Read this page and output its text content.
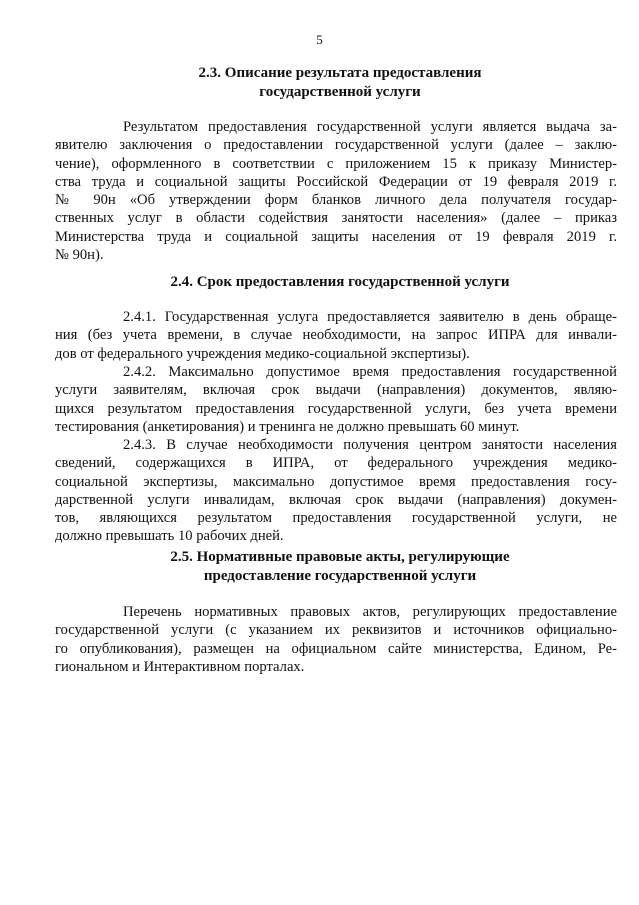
5

2.3. Описание результата предоставления
государственной услуги
Результатом предоставления государственной услуги является выдача за-
явителю заключения о предоставлении государственной услуги (далее – заклю-
чение), оформленного в соответствии с приложением 15 к приказу Министер-
ства труда и социальной защиты Российской Федерации от 19 февраля 2019 г.
№ 90н «Об утверждении форм бланков личного дела получателя государ-
ственных услуг в области содействия занятости населения» (далее – приказ
Министерства труда и социальной защиты населения от 19 февраля 2019 г.
№ 90н).
2.4. Срок предоставления государственной услуги
2.4.1. Государственная услуга предоставляется заявителю в день обраще-
ния (без учета времени, в случае необходимости, на запрос ИПРА для инвали-
дов от федерального учреждения медико-социальной экспертизы).
2.4.2. Максимально допустимое время предоставления государственной
услуги заявителям, включая срок выдачи (направления) документов, являю-
щихся результатом предоставления государственной услуги, без учета времени
тестирования (анкетирования) и тренинга не должно превышать 60 минут.
2.4.3. В случае необходимости получения центром занятости населения
сведений, содержащихся в ИПРА, от федерального учреждения медико-
социальной экспертизы, максимально допустимое время предоставления госу-
дарственной услуги инвалидам, включая срок выдачи (направления) докумен-
тов, являющихся результатом предоставления государственной услуги, не
должно превышать 10 рабочих дней.
2.5. Нормативные правовые акты, регулирующие
предоставление государственной услуги
Перечень нормативных правовых актов, регулирующих предоставление
государственной услуги (с указанием их реквизитов и источников официально-
го опубликования), размещен на официальном сайте министерства, Едином, Ре-
гиональном и Интерактивном порталах.
